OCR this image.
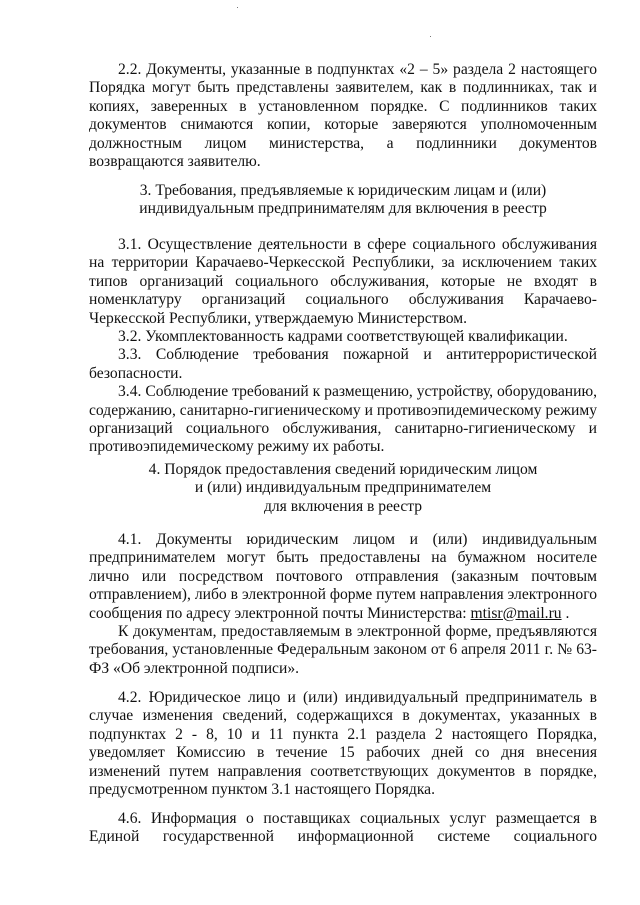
2.2. Документы, указанные в подпунктах «2 – 5» раздела 2 настоящего Порядка могут быть представлены заявителем, как в подлинниках, так и копиях, заверенных в установленном порядке. С подлинников таких документов снимаются копии, которые заверяются уполномоченным должностным лицом министерства, а подлинники документов возвращаются заявителю.

3. Требования, предъявляемые к юридическим лицам и (или)

индивидуальным предпринимателям для включения в реестр

3.1. Осуществление деятельности в сфере социального обслуживания на территории Карачаево-Черкесской Республики, за исключением таких типов организаций социального обслуживания, которые не входят в номенклатуру организаций социального обслуживания Карачаево-Черкесской Республики, утверждаемую Министерством.

3.2. Укомплектованность кадрами соответствующей квалификации.

3.3. Соблюдение требования пожарной и антитеррористической безопасности.

3.4. Соблюдение требований к размещению, устройству, оборудованию, содержанию, санитарно-гигиеническому и противоэпидемическому режиму организаций социального обслуживания, санитарно-гигиеническому и противоэпидемическому режиму их работы.

4. Порядок предоставления сведений юридическим лицом

и (или) индивидуальным предпринимателем

для включения в реестр

4.1. Документы юридическим лицом и (или) индивидуальным предпринимателем могут быть предоставлены на бумажном носителе лично или посредством почтового отправления (заказным почтовым отправлением), либо в электронной форме путем направления электронного сообщения по адресу электронной почты Министерства: mtisr@mail.ru .

К документам, предоставляемым в электронной форме, предъявляются требования, установленные Федеральным законом от 6 апреля 2011 г. № 63-ФЗ «Об электронной подписи».

4.2. Юридическое лицо и (или) индивидуальный предприниматель в случае изменения сведений, содержащихся в документах, указанных в подпунктах 2 - 8, 10 и 11 пункта 2.1 раздела 2 настоящего Порядка, уведомляет Комиссию в течение 15 рабочих дней со дня внесения изменений путем направления соответствующих документов в порядке, предусмотренном пунктом 3.1 настоящего Порядка.

4.6. Информация о поставщиках социальных услуг размещается в Единой государственной информационной системе социального
